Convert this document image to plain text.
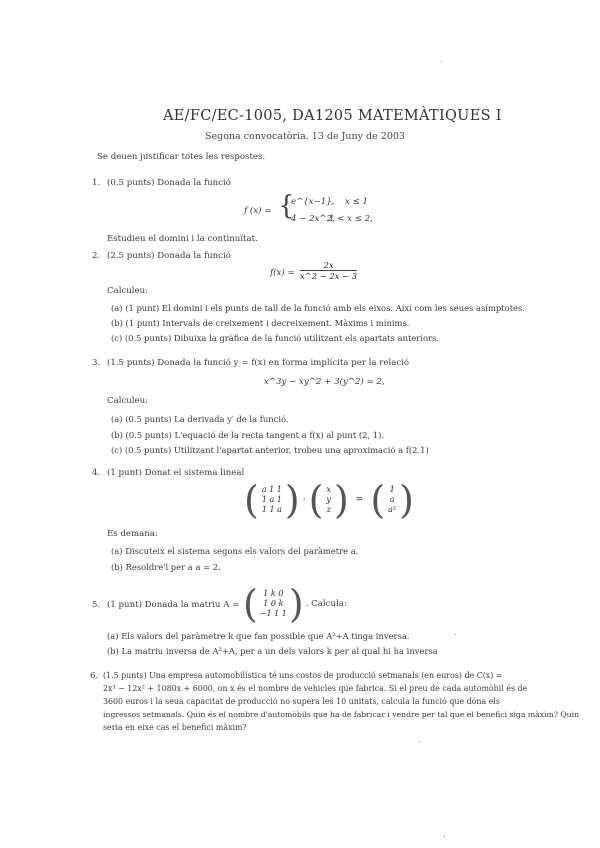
AE/FC/EC-1005, DA1205 MATEMÀTIQUES I
Segona convocatòria. 13 de Juny de 2003
Se deuen justificar totes les respostes.
1. (0.5 punts) Donada la funció
f (x) = {
e^{x−1}, x ≤ 1
4 − 2x^2,
1 < x ≤ 2,
Estudieu el domini i la continuïtat.
2. (2.5 punts) Donada la funció
$f(x) = \frac{2x}{x\^{}2 - 2x - 3}$
Calculeu:
(a) (1 punt) El domini i els punts de tall de la funció amb els eixos. Així com les seues asímptotes.
(b) (1 punt) Intervals de creixement i decreixement. Màxims i mínims.
(c) (0.5 punts) Dibuixa la gràfica de la funció utilitzant els apartats anteriors.
3. (1.5 punts) Donada la funció y = f(x) en forma implícita per la relació
x^3y − xy^2 + 3(y^2) = 2,
Calculeu:
(a) (0.5 punts) La derivada y′ de la funció.
(b) (0.5 punts) L'equació de la recta tangent a f(x) al punt (2, 1).
(c) (0.5 punts) Utilitzant l'apartat anterior, trobeu una aproximació a f(2.1)
4. (1 punt) Donat el sistema lineal
( a 1 1
1 a 1
1 1 a ) · ( x
y
z ) = ( 1
a
a² )
Es demana:
(a) Discuteix el sistema segons els valors del paràmetre a.
(b) Resoldre'l per a a = 2.
5. (1 punt) Donada la matriu A = ( 1 k 0
1 0 k
−1 1 1 ) . Calcula:
(a) Els valors del paràmetre k que fan possible que A²+A tinga inversa.
(b) La matriu inversa de A²+A, per a un dels valors k per al qual hi ha inversa
6. (1.5 punts) Una empresa automobilística té uns costos de producció setmanals (en euros) de C(x) =
2x³ − 12x² + 1080x + 6000, on x és el nombre de vehicles que fabrica. Si el preu de cada automòbil és de
3600 euros i la seua capacitat de producció no supera les 10 unitats, calcula la funció que dóna els
ingressos setmanals. Quin és el nombre d'automòbils que ha de fabricar i vendre per tal que el benefici siga màxim? Quin
seria en eixe cas el benefici màxim?
